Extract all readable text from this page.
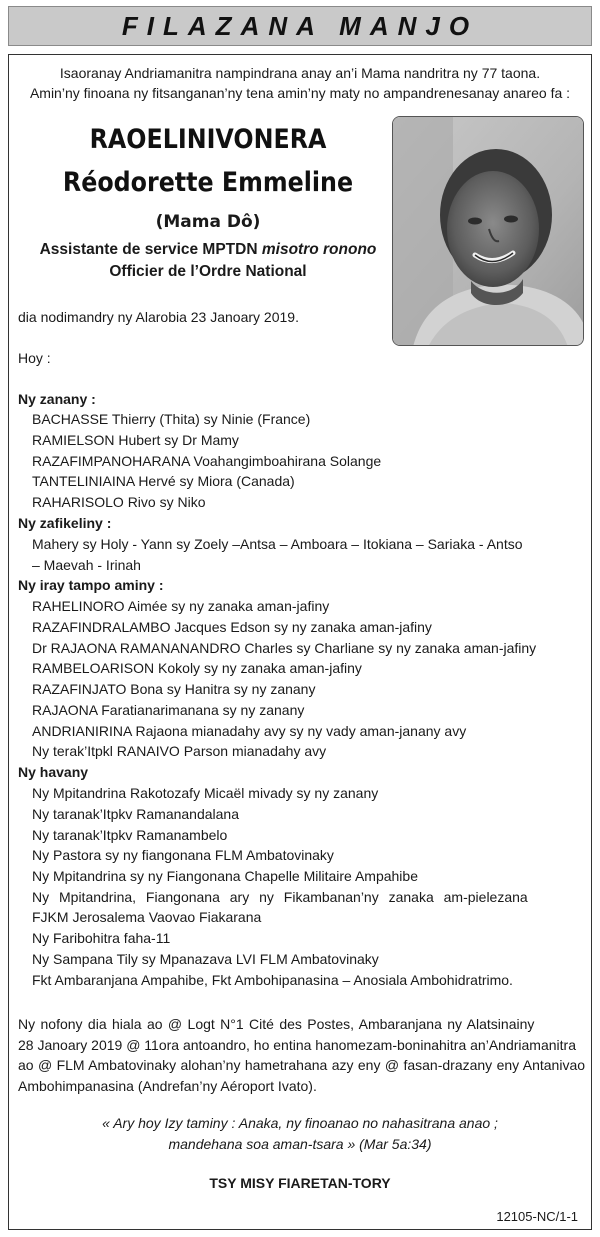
FILAZANA MANJO
Isaoranay Andriamanitra nampindrana anay an’i Mama nandritra ny 77 taona.
Amin’ny finoana ny fitsanganan’ny tena amin’ny maty no ampandrenesanay anareo fa :
RAOELINIVONERA
Réodorette Emmeline
(Mama Dô)
Assistante de service MPTDN misotro ronono
Officier de l’Ordre National
dia nodimandry ny Alarobia 23 Janoary 2019.
Hoy :
Ny zanany :
BACHASSE Thierry (Thita) sy Ninie (France)
RAMIELSON Hubert sy Dr Mamy
RAZAFIMPANOHARANA Voahangimboahirana Solange
TANTELINIAINA Hervé sy Miora (Canada)
RAHARISOLO Rivo sy Niko
Ny zafikeliny :
Mahery sy Holy - Yann sy Zoely –Antsa – Amboara – Itokiana – Sariaka - Antso
– Maevah - Irinah
Ny iray tampo aminy :
RAHELINORO Aimée sy ny zanaka aman-jafiny
RAZAFINDRALAMBO Jacques Edson sy ny zanaka aman-jafiny
Dr RAJAONA RAMANANANDRO Charles sy Charliane sy ny zanaka aman-jafiny
RAMBELOARISON Kokoly sy ny zanaka aman-jafiny
RAZAFINJATO Bona sy Hanitra sy ny zanany
RAJAONA Faratianarimanana sy ny zanany
ANDRIANIRINA Rajaona mianadahy avy sy ny vady aman-janany avy
Ny terak’Itpkl RANAIVO Parson mianadahy avy
Ny havany
Ny Mpitandrina Rakotozafy Micaël mivady sy ny zanany
Ny taranak’Itpkv Ramanandalana
Ny taranak’Itpkv Ramanambelo
Ny Pastora sy ny fiangonana FLM Ambatovinaky
Ny Mpitandrina sy ny Fiangonana Chapelle Militaire Ampahibe
Ny Mpitandrina, Fiangonana ary ny Fikambanan’ny zanaka am-pielezana
FJKM Jerosalema Vaovao Fiakarana
Ny Faribohitra faha-11
Ny Sampana Tily sy Mpanazava LVI FLM Ambatovinaky
Fkt Ambaranjana Ampahibe, Fkt Ambohipanasina – Anosiala Ambohidratrimo.
Ny nofony dia hiala ao @ Logt N°1 Cité des Postes, Ambaranjana ny Alatsinainy
28 Janoary 2019 @ 11ora antoandro, ho entina hanomezam-boninahitra an’Andriamanitra
ao @ FLM Ambatovinaky alohan’ny hametrahana azy eny @ fasan-drazany eny Antanivao
Ambohimpanasina (Andrefan’ny Aéroport Ivato).
« Ary hoy Izy taminy : Anaka, ny finoanao no nahasitrana anao ;
mandehana soa aman-tsara » (Mar 5a:34)
TSY MISY FIARETAN-TORY
12105-NC/1-1
